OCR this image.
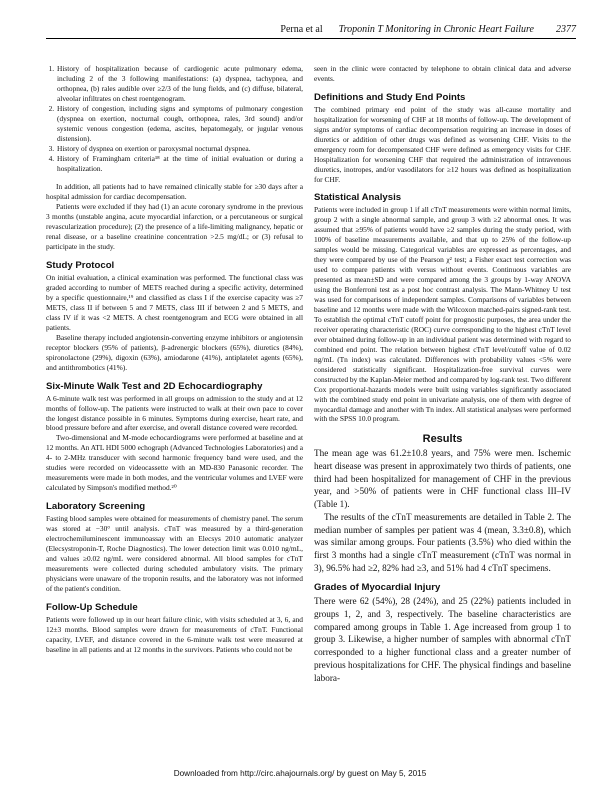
Perna et al Troponin T Monitoring in Chronic Heart Failure 2377
1. History of hospitalization because of cardiogenic acute pulmonary edema, including 2 of the 3 following manifestations: (a) dyspnea, tachypnea, and orthopnea, (b) rales audible over ≥2/3 of the lung fields, and (c) diffuse, bilateral, alveolar infiltrates on chest roentgenogram.
2. History of congestion, including signs and symptoms of pulmonary congestion (dyspnea on exertion, nocturnal cough, orthopnea, rales, 3rd sound) and/or systemic venous congestion (edema, ascites, hepatomegaly, or jugular venous distension).
3. History of dyspnea on exertion or paroxysmal nocturnal dyspnea.
4. History of Framingham criteria¹⁸ at the time of initial evaluation or during a hospitalization.

In addition, all patients had to have remained clinically stable for ≥30 days after a hospital admission for cardiac decompensation.

Patients were excluded if they had (1) an acute coronary syndrome in the previous 3 months (unstable angina, acute myocardial infarction, or a percutaneous or surgical revascularization procedure); (2) the presence of a life-limiting malignancy, hepatic or renal disease, or a baseline creatinine concentration >2.5 mg/dL; or (3) refusal to participate in the study.

Study Protocol

On initial evaluation, a clinical examination was performed. The functional class was graded according to number of METS reached during a specific activity, determined by a specific questionnaire,¹⁹ and classified as class I if the exercise capacity was ≥7 METS, class II if between 5 and 7 METS, class III if between 2 and 5 METS, and class IV if it was <2 METS. A chest roentgenogram and ECG were obtained in all patients.

Baseline therapy included angiotensin-converting enzyme inhibitors or angiotensin receptor blockers (95% of patients), β-adrenergic blockers (65%), diuretics (84%), spironolactone (29%), digoxin (63%), amiodarone (41%), antiplatelet agents (65%), and antithrombotics (41%).

Six-Minute Walk Test and 2D Echocardiography

A 6-minute walk test was performed in all groups on admission to the study and at 12 months of follow-up. The patients were instructed to walk at their own pace to cover the longest distance possible in 6 minutes. Symptoms during exercise, heart rate, and blood pressure before and after exercise, and overall distance covered were recorded.

Two-dimensional and M-mode echocardiograms were performed at baseline and at 12 months. An ATL HDI 5000 echograph (Advanced Technologies Laboratories) and a 4- to 2-MHz transducer with second harmonic frequency band were used, and the studies were recorded on videocassette with an MD-830 Panasonic recorder. The measurements were made in both modes, and the ventricular volumes and LVEF were calculated by Simpson's modified method.²⁰

Laboratory Screening

Fasting blood samples were obtained for measurements of chemistry panel. The serum was stored at −30° until analysis. cTnT was measured by a third-generation electrochemiluminescent immunoassay with an Elecsys 2010 automatic analyzer (Elecsystroponin-T, Roche Diagnostics). The lower detection limit was 0.010 ng/mL, and values ≥0.02 ng/mL were considered abnormal. All blood samples for cTnT measurements were collected during scheduled ambulatory visits. The primary physicians were unaware of the troponin results, and the laboratory was not informed of the patient's condition.

Follow-Up Schedule

Patients were followed up in our heart failure clinic, with visits scheduled at 3, 6, and 12±3 months. Blood samples were drawn for measurements of cTnT. Functional capacity, LVEF, and distance covered in the 6-minute walk test were measured at baseline in all patients and at 12 months in the survivors. Patients who could not be

seen in the clinic were contacted by telephone to obtain clinical data and adverse events.

Definitions and Study End Points

The combined primary end point of the study was all-cause mortality and hospitalization for worsening of CHF at 18 months of follow-up. The development of signs and/or symptoms of cardiac decompensation requiring an increase in doses of diuretics or addition of other drugs was defined as worsening CHF. Visits to the emergency room for decompensated CHF were defined as emergency visits for CHF. Hospitalization for worsening CHF that required the administration of intravenous diuretics, inotropes, and/or vasodilators for ≥12 hours was defined as hospitalization for CHF.

Statistical Analysis

Patients were included in group 1 if all cTnT measurements were within normal limits, group 2 with a single abnormal sample, and group 3 with ≥2 abnormal ones. It was assumed that ≥95% of patients would have ≥2 samples during the study period, with 100% of baseline measurements available, and that up to 25% of the follow-up samples would be missing. Categorical variables are expressed as percentages, and they were compared by use of the Pearson χ² test; a Fisher exact test correction was used to compare patients with versus without events. Continuous variables are presented as mean±SD and were compared among the 3 groups by 1-way ANOVA using the Bonferroni test as a post hoc contrast analysis. The Mann-Whitney U test was used for comparisons of independent samples. Comparisons of variables between baseline and 12 months were made with the Wilcoxon matched-pairs signed-rank test. To establish the optimal cTnT cutoff point for prognostic purposes, the area under the receiver operating characteristic (ROC) curve corresponding to the highest cTnT level ever obtained during follow-up in an individual patient was determined with regard to combined end point. The relation between highest cTnT level/cutoff value of 0.02 ng/mL (Tn index) was calculated. Differences with probability values <5% were considered statistically significant. Hospitalization-free survival curves were constructed by the Kaplan-Meier method and compared by log-rank test. Two different Cox proportional-hazards models were built using variables significantly associated with the combined study end point in univariate analysis, one of them with degree of myocardial damage and another with Tn index. All statistical analyses were performed with the SPSS 10.0 program.

Results

The mean age was 61.2±10.8 years, and 75% were men. Ischemic heart disease was present in approximately two thirds of patients, one third had been hospitalized for management of CHF in the previous year, and >50% of patients were in CHF functional class III–IV (Table 1).

The results of the cTnT measurements are detailed in Table 2. The median number of samples per patient was 4 (mean, 3.3±0.8), which was similar among groups. Four patients (3.5%) who died within the first 3 months had a single cTnT measurement (cTnT was normal in 3), 96.5% had ≥2, 82% had ≥3, and 51% had 4 cTnT specimens.

Grades of Myocardial Injury

There were 62 (54%), 28 (24%), and 25 (22%) patients included in groups 1, 2, and 3, respectively. The baseline characteristics are compared among groups in Table 1. Age increased from group 1 to group 3. Likewise, a higher number of samples with abnormal cTnT corresponded to a higher functional class and a greater number of previous hospitalizations for CHF. The physical findings and baseline labora-

Downloaded from http://circ.ahajournals.org/ by guest on May 5, 2015
